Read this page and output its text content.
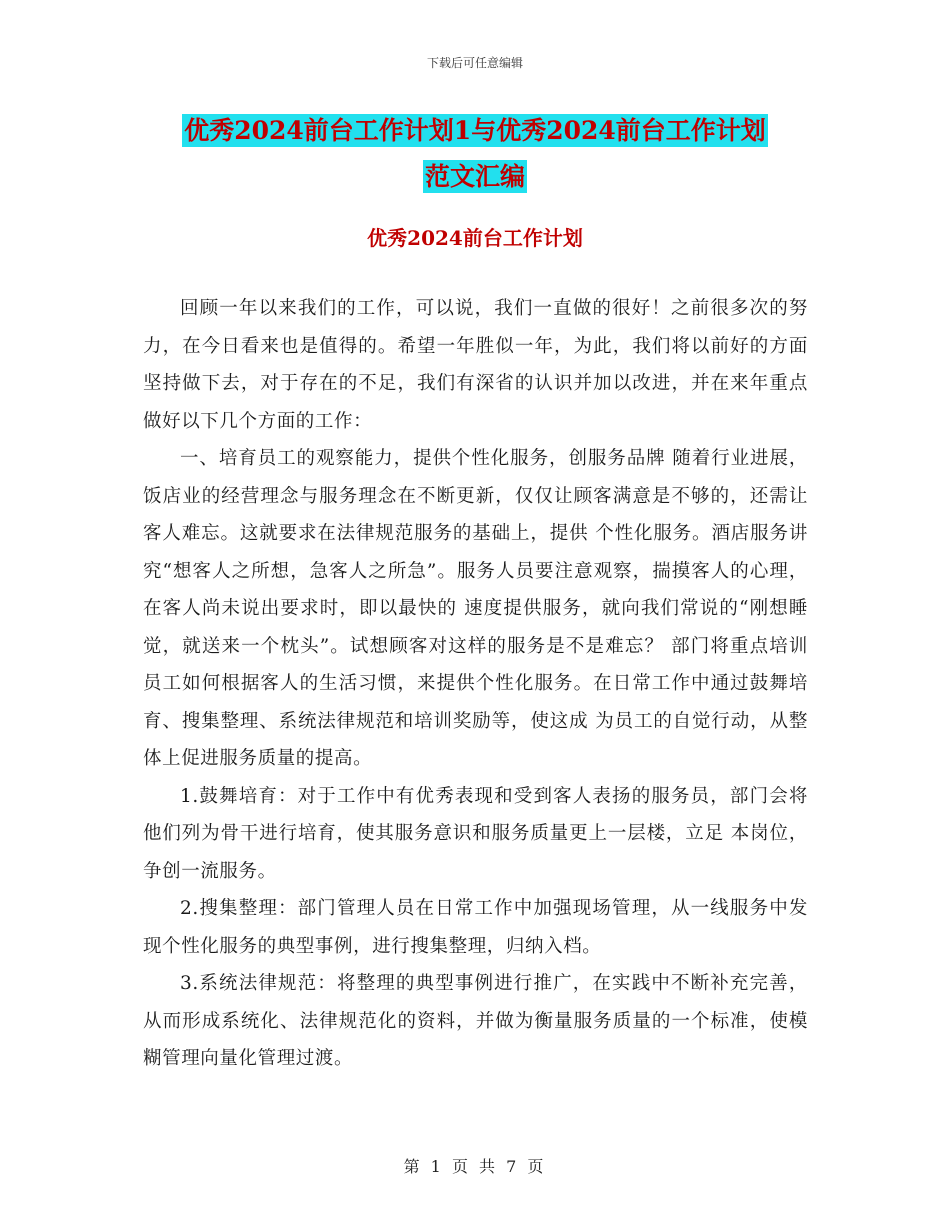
下载后可任意编辑
优秀2024前台工作计划1与优秀2024前台工作计划
范文汇编
优秀2024前台工作计划

回顾一年以来我们的工作，可以说，我们一直做的很好！之前很多次的努力，在今日看来也是值得的。希望一年胜似一年，为此，我们将以前好的方面坚持做下去，对于存在的不足，我们有深省的认识并加以改进，并在来年重点做好以下几个方面的工作：

一、培育员工的观察能力，提供个性化服务，创服务品牌 随着行业进展，饭店业的经营理念与服务理念在不断更新，仅仅让顾客满意是不够的，还需让客人难忘。这就要求在法律规范服务的基础上，提供 个性化服务。酒店服务讲究“想客人之所想，急客人之所急”。服务人员要注意观察，揣摸客人的心理，在客人尚未说出要求时，即以最快的 速度提供服务，就向我们常说的“刚想睡觉，就送来一个枕头”。试想顾客对这样的服务是不是难忘？ 部门将重点培训员工如何根据客人的生活习惯，来提供个性化服务。在日常工作中通过鼓舞培育、搜集整理、系统法律规范和培训奖励等，使这成 为员工的自觉行动，从整体上促进服务质量的提高。

1.鼓舞培育：对于工作中有优秀表现和受到客人表扬的服务员，部门会将他们列为骨干进行培育，使其服务意识和服务质量更上一层楼，立足 本岗位，争创一流服务。

2.搜集整理：部门管理人员在日常工作中加强现场管理，从一线服务中发现个性化服务的典型事例，进行搜集整理，归纳入档。

3.系统法律规范：将整理的典型事例进行推广，在实践中不断补充完善，从而形成系统化、法律规范化的资料，并做为衡量服务质量的一个标准，使模 糊管理向量化管理过渡。

第 1 页 共 7 页
